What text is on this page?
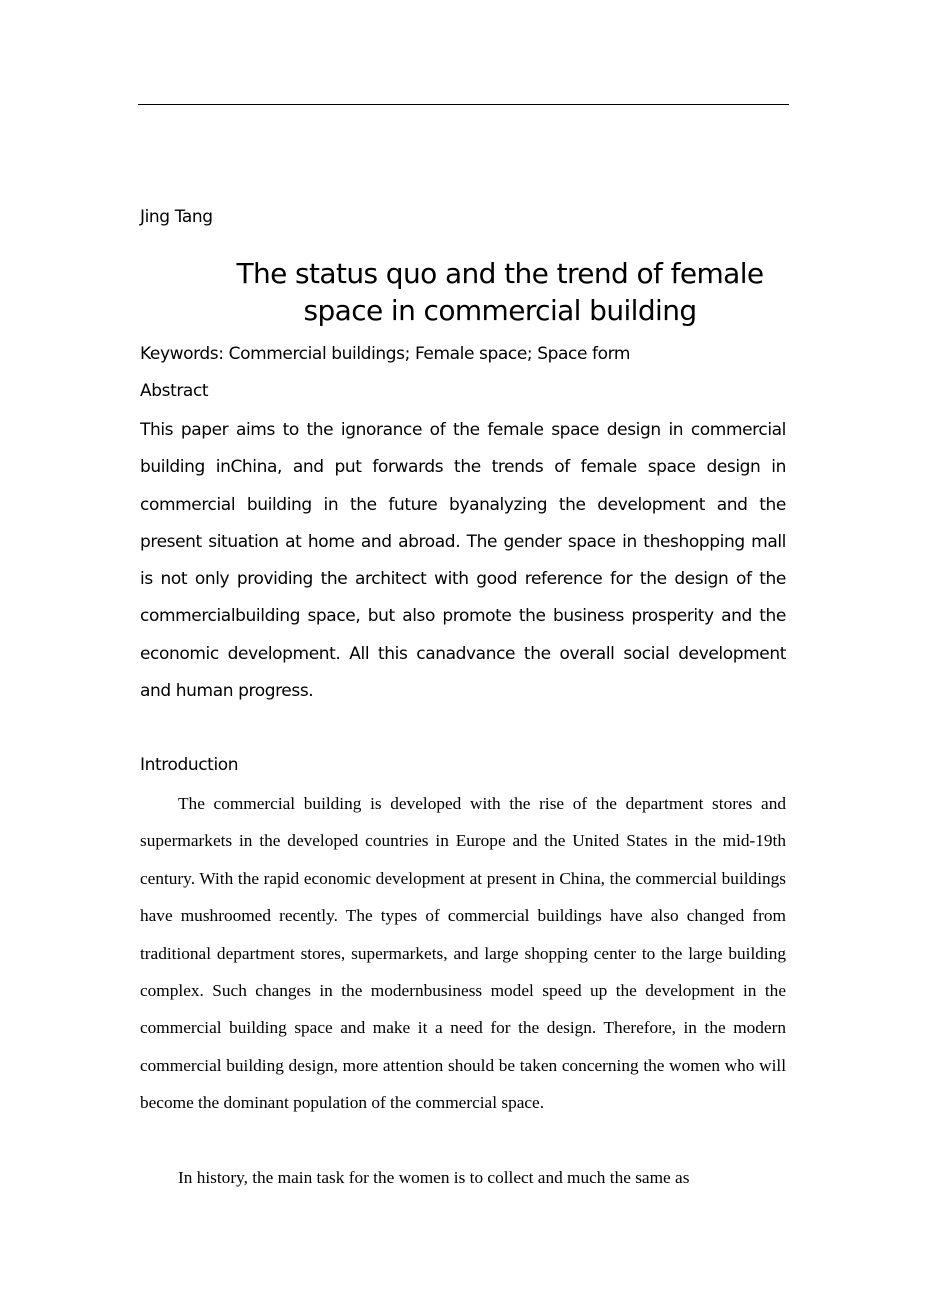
Jing Tang
The status quo and the trend of female
space in commercial building
Keywords: Commercial buildings; Female space; Space form
Abstract

This paper aims to the ignorance of the female space design in commercial building inChina, and put forwards the trends of female space design in commercial building in the future byanalyzing the development and the present situation at home and abroad. The gender space in theshopping mall is not only providing the architect with good reference for the design of the commercialbuilding space, but also promote the business prosperity and the economic development. All this canadvance the overall social development and human progress.

Introduction

The commercial building is developed with the rise of the department stores and supermarkets in the developed countries in Europe and the United States in the mid-19th century. With the rapid economic development at present in China, the commercial buildings have mushroomed recently. The types of commercial buildings have also changed from traditional department stores, supermarkets, and large shopping center to the large building complex. Such changes in the modernbusiness model speed up the development in the commercial building space and make it a need for the design. Therefore, in the modern commercial building design, more attention should be taken concerning the women who will become the dominant population of the commercial space.

In history, the main task for the women is to collect and much the same as
